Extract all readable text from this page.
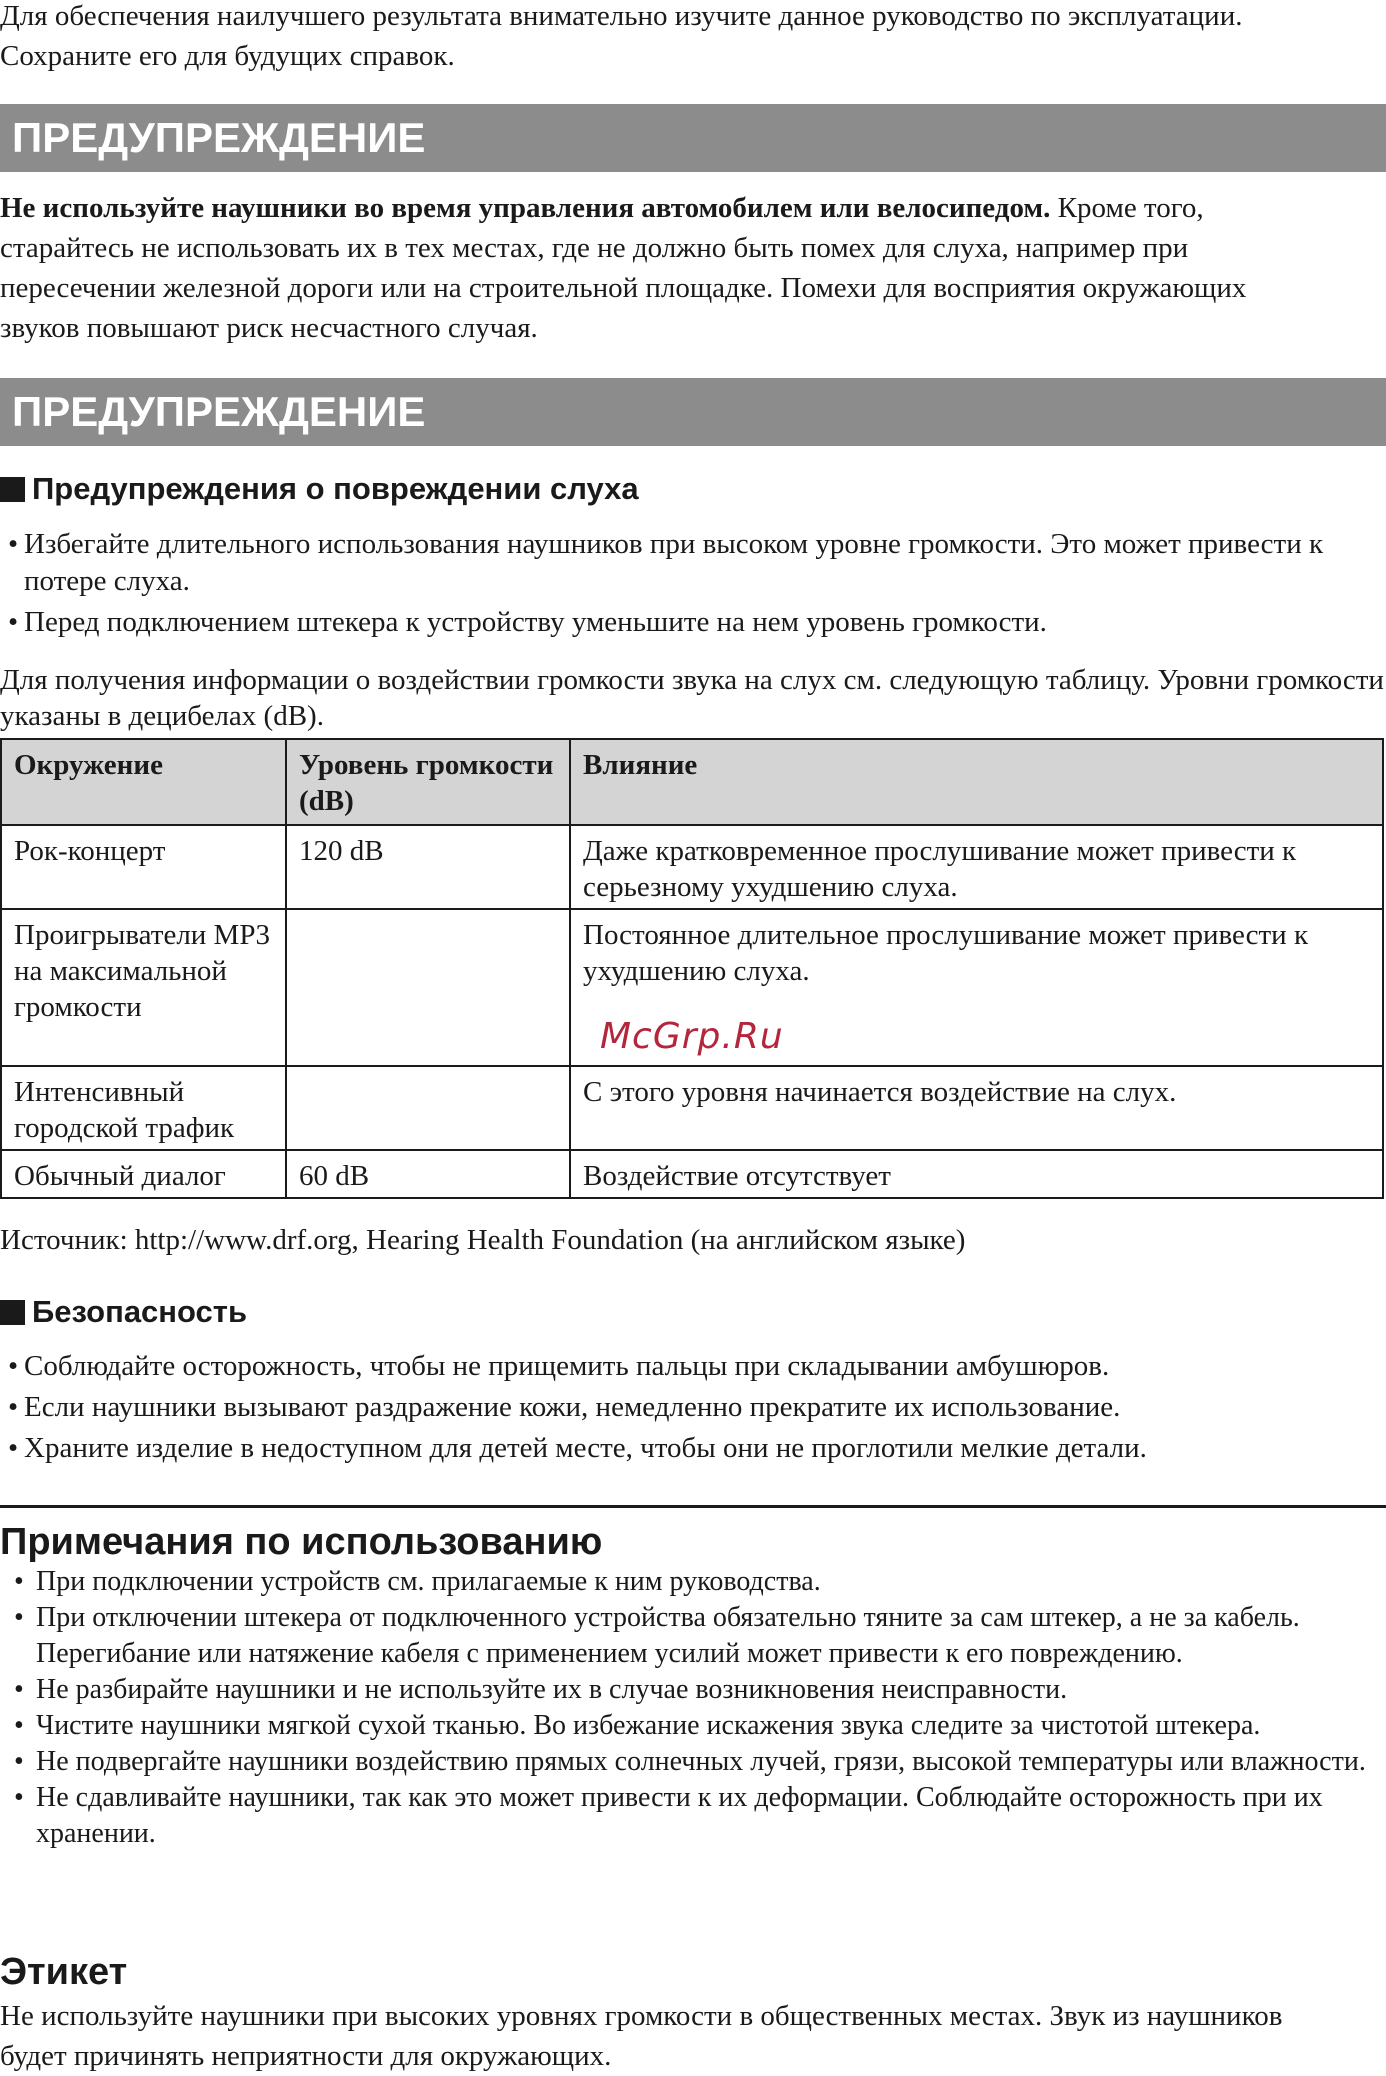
Для обеспечения наилучшего результата внимательно изучите данное руководство по эксплуатации. Сохраните его для будущих справок.

ПРЕДУПРЕЖДЕНИЕ

Не используйте наушники во время управления автомобилем или велосипедом. Кроме того, старайтесь не использовать их в тех местах, где не должно быть помех для слуха, например при пересечении железной дороги или на строительной площадке. Помехи для восприятия окружающих звуков повышают риск несчастного случая.

ПРЕДУПРЕЖДЕНИЕ
Предупреждения о повреждении слуха
• Избегайте длительного использования наушников при высоком уровне громкости. Это может привести к потере слуха.
• Перед подключением штекера к устройству уменьшите на нем уровень громкости.

Для получения информации о воздействии громкости звука на слух см. следующую таблицу. Уровни громкости указаны в децибелах (dB).

Окружение	Уровень громкости (dB)	Влияние
Рок-концерт	120 dB	Даже кратковременное прослушивание может привести к серьезному ухудшению слуха.
Проигрыватели MP3 на максимальной громкости		Постоянное длительное прослушивание может привести к ухудшению слуха.
Интенсивный городской трафик		С этого уровня начинается воздействие на слух.
Обычный диалог	60 dB	Воздействие отсутствует
McGrp.Ru

Источник: http://www.drf.org, Hearing Health Foundation (на английском языке)

Безопасность
• Соблюдайте осторожность, чтобы не прищемить пальцы при складывании амбушюров.
• Если наушники вызывают раздражение кожи, немедленно прекратите их использование.
• Храните изделие в недоступном для детей месте, чтобы они не проглотили мелкие детали.
Примечания по использованию
• При подключении устройств см. прилагаемые к ним руководства.
• При отключении штекера от подключенного устройства обязательно тяните за сам штекер, а не за кабель. Перегибание или натяжение кабеля с применением усилий может привести к его повреждению.
• Не разбирайте наушники и не используйте их в случае возникновения неисправности.
• Чистите наушники мягкой сухой тканью. Во избежание искажения звука следите за чистотой штекера.
• Не подвергайте наушники воздействию прямых солнечных лучей, грязи, высокой температуры или влажности.
• Не сдавливайте наушники, так как это может привести к их деформации. Соблюдайте осторожность при их хранении.
Этикет

Не используйте наушники при высоких уровнях громкости в общественных местах. Звук из наушников будет причинять неприятности для окружающих.
